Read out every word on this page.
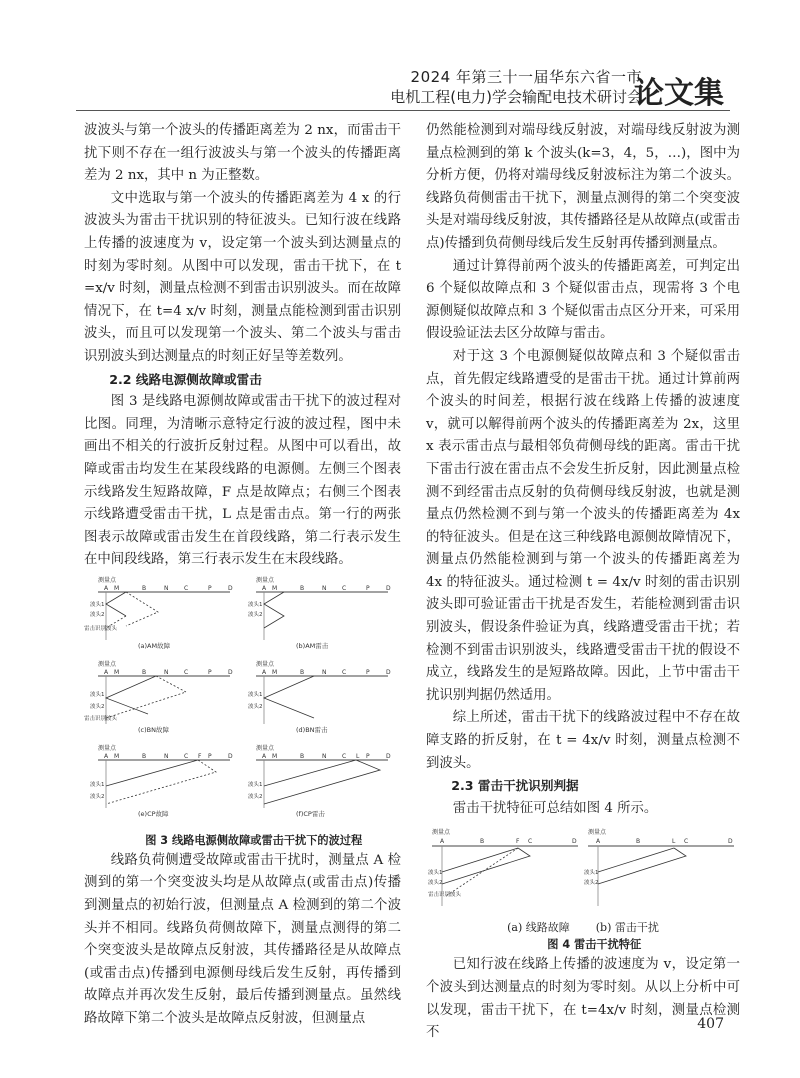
2024 年第三十一届华东六省一市
电机工程(电力)学会输配电技术研讨会
论文集

波波头与第一个波头的传播距离差为 2 nx，而雷击干扰下则不存在一组行波波头与第一个波头的传播距离差为 2 nx，其中 n 为正整数。

文中选取与第一个波头的传播距离差为 4 x 的行波波头为雷击干扰识别的特征波头。已知行波在线路上传播的波速度为 v，设定第一个波头到达测量点的时刻为零时刻。从图中可以发现，雷击干扰下，在 t =x/v 时刻，测量点检测不到雷击识别波头。而在故障情况下，在 t=4 x/v 时刻，测量点能检测到雷击识别波头，而且可以发现第一个波头、第二个波头与雷击识别波头到达测量点的时刻正好呈等差数列。

2.2 线路电源侧故障或雷击

图 3 是线路电源侧故障或雷击干扰下的波过程对比图。同理，为清晰示意特定行波的波过程，图中未画出不相关的行波折反射过程。从图中可以看出，故障或雷击均发生在某段线路的电源侧。左侧三个图表示线路发生短路故障，F 点是故障点；右侧三个图表示线路遭受雷击干扰，L 点是雷击点。第一行的两张图表示故障或雷击发生在首段线路，第二行表示发生在中间段线路，第三行表示发生在末段线路。

测量点
A M	B	N	C	P	D
波头1
波头2
雷击识别波头
(a)AM故障
测量点
A M	B	N	C	P	D
波头1
波头2
(b)AM雷击
测量点
A M	B	N	C	P	D
波头1
波头2
雷击识别波头
(c)BN故障
测量点
A M	B	N	C	P	D
波头1
波头2
(d)BN雷击
测量点
A M	B	N	C F P	D
波头1
波头2
(e)CP故障
测量点
A M	B	N	C L P	D
波头1
波头2
(f)CP雷击

图 3 线路电源侧故障或雷击干扰下的波过程

线路负荷侧遭受故障或雷击干扰时，测量点 A 检测到的第一个突变波头均是从故障点(或雷击点)传播到测量点的初始行波，但测量点 A 检测到的第二个波头并不相同。线路负荷侧故障下，测量点测得的第二个突变波头是故障点反射波，其传播路径是从故障点(或雷击点)传播到电源侧母线后发生反射，再传播到故障点并再次发生反射，最后传播到测量点。虽然线路故障下第二个波头是故障点反射波，但测量点

仍然能检测到对端母线反射波，对端母线反射波为测量点检测到的第 k 个波头(k=3，4，5，…)，图中为分析方便，仍将对端母线反射波标注为第二个波头。线路负荷侧雷击干扰下，测量点测得的第二个突变波头是对端母线反射波，其传播路径是从故障点(或雷击点)传播到负荷侧母线后发生反射再传播到测量点。

通过计算得前两个波头的传播距离差，可判定出 6 个疑似故障点和 3 个疑似雷击点，现需将 3 个电源侧疑似故障点和 3 个疑似雷击点区分开来，可采用假设验证法去区分故障与雷击。

对于这 3 个电源侧疑似故障点和 3 个疑似雷击点，首先假定线路遭受的是雷击干扰。通过计算前两个波头的时间差，根据行波在线路上传播的波速度 v，就可以解得前两个波头的传播距离差为 2x，这里 x 表示雷击点与最相邻负荷侧母线的距离。雷击干扰下雷击行波在雷击点不会发生折反射，因此测量点检测不到经雷击点反射的负荷侧母线反射波，也就是测量点仍然检测不到与第一个波头的传播距离差为 4x 的特征波头。但是在这三种线路电源侧故障情况下，测量点仍然能检测到与第一个波头的传播距离差为 4x 的特征波头。通过检测 t = 4x/v 时刻的雷击识别波头即可验证雷击干扰是否发生，若能检测到雷击识别波头，假设条件验证为真，线路遭受雷击干扰；若检测不到雷击识别波头，线路遭受雷击干扰的假设不成立，线路发生的是短路故障。因此，上节中雷击干扰识别判据仍然适用。

综上所述，雷击干扰下的线路波过程中不存在故障支路的折反射，在 t = 4x/v 时刻，测量点检测不到波头。

2.3 雷击干扰识别判据

雷击干扰特征可总结如图 4 所示。

测量点
A	B	F C	D
波头1
波头2
雷击识别波头
测量点
A	B	L C	D
波头1
波头2
(a) 线路故障 (b) 雷击干扰

图 4 雷击干扰特征

已知行波在线路上传播的波速度为 v，设定第一个波头到达测量点的时刻为零时刻。从以上分析中可以发现，雷击干扰下，在 t=4x/v 时刻，测量点检测不

407
